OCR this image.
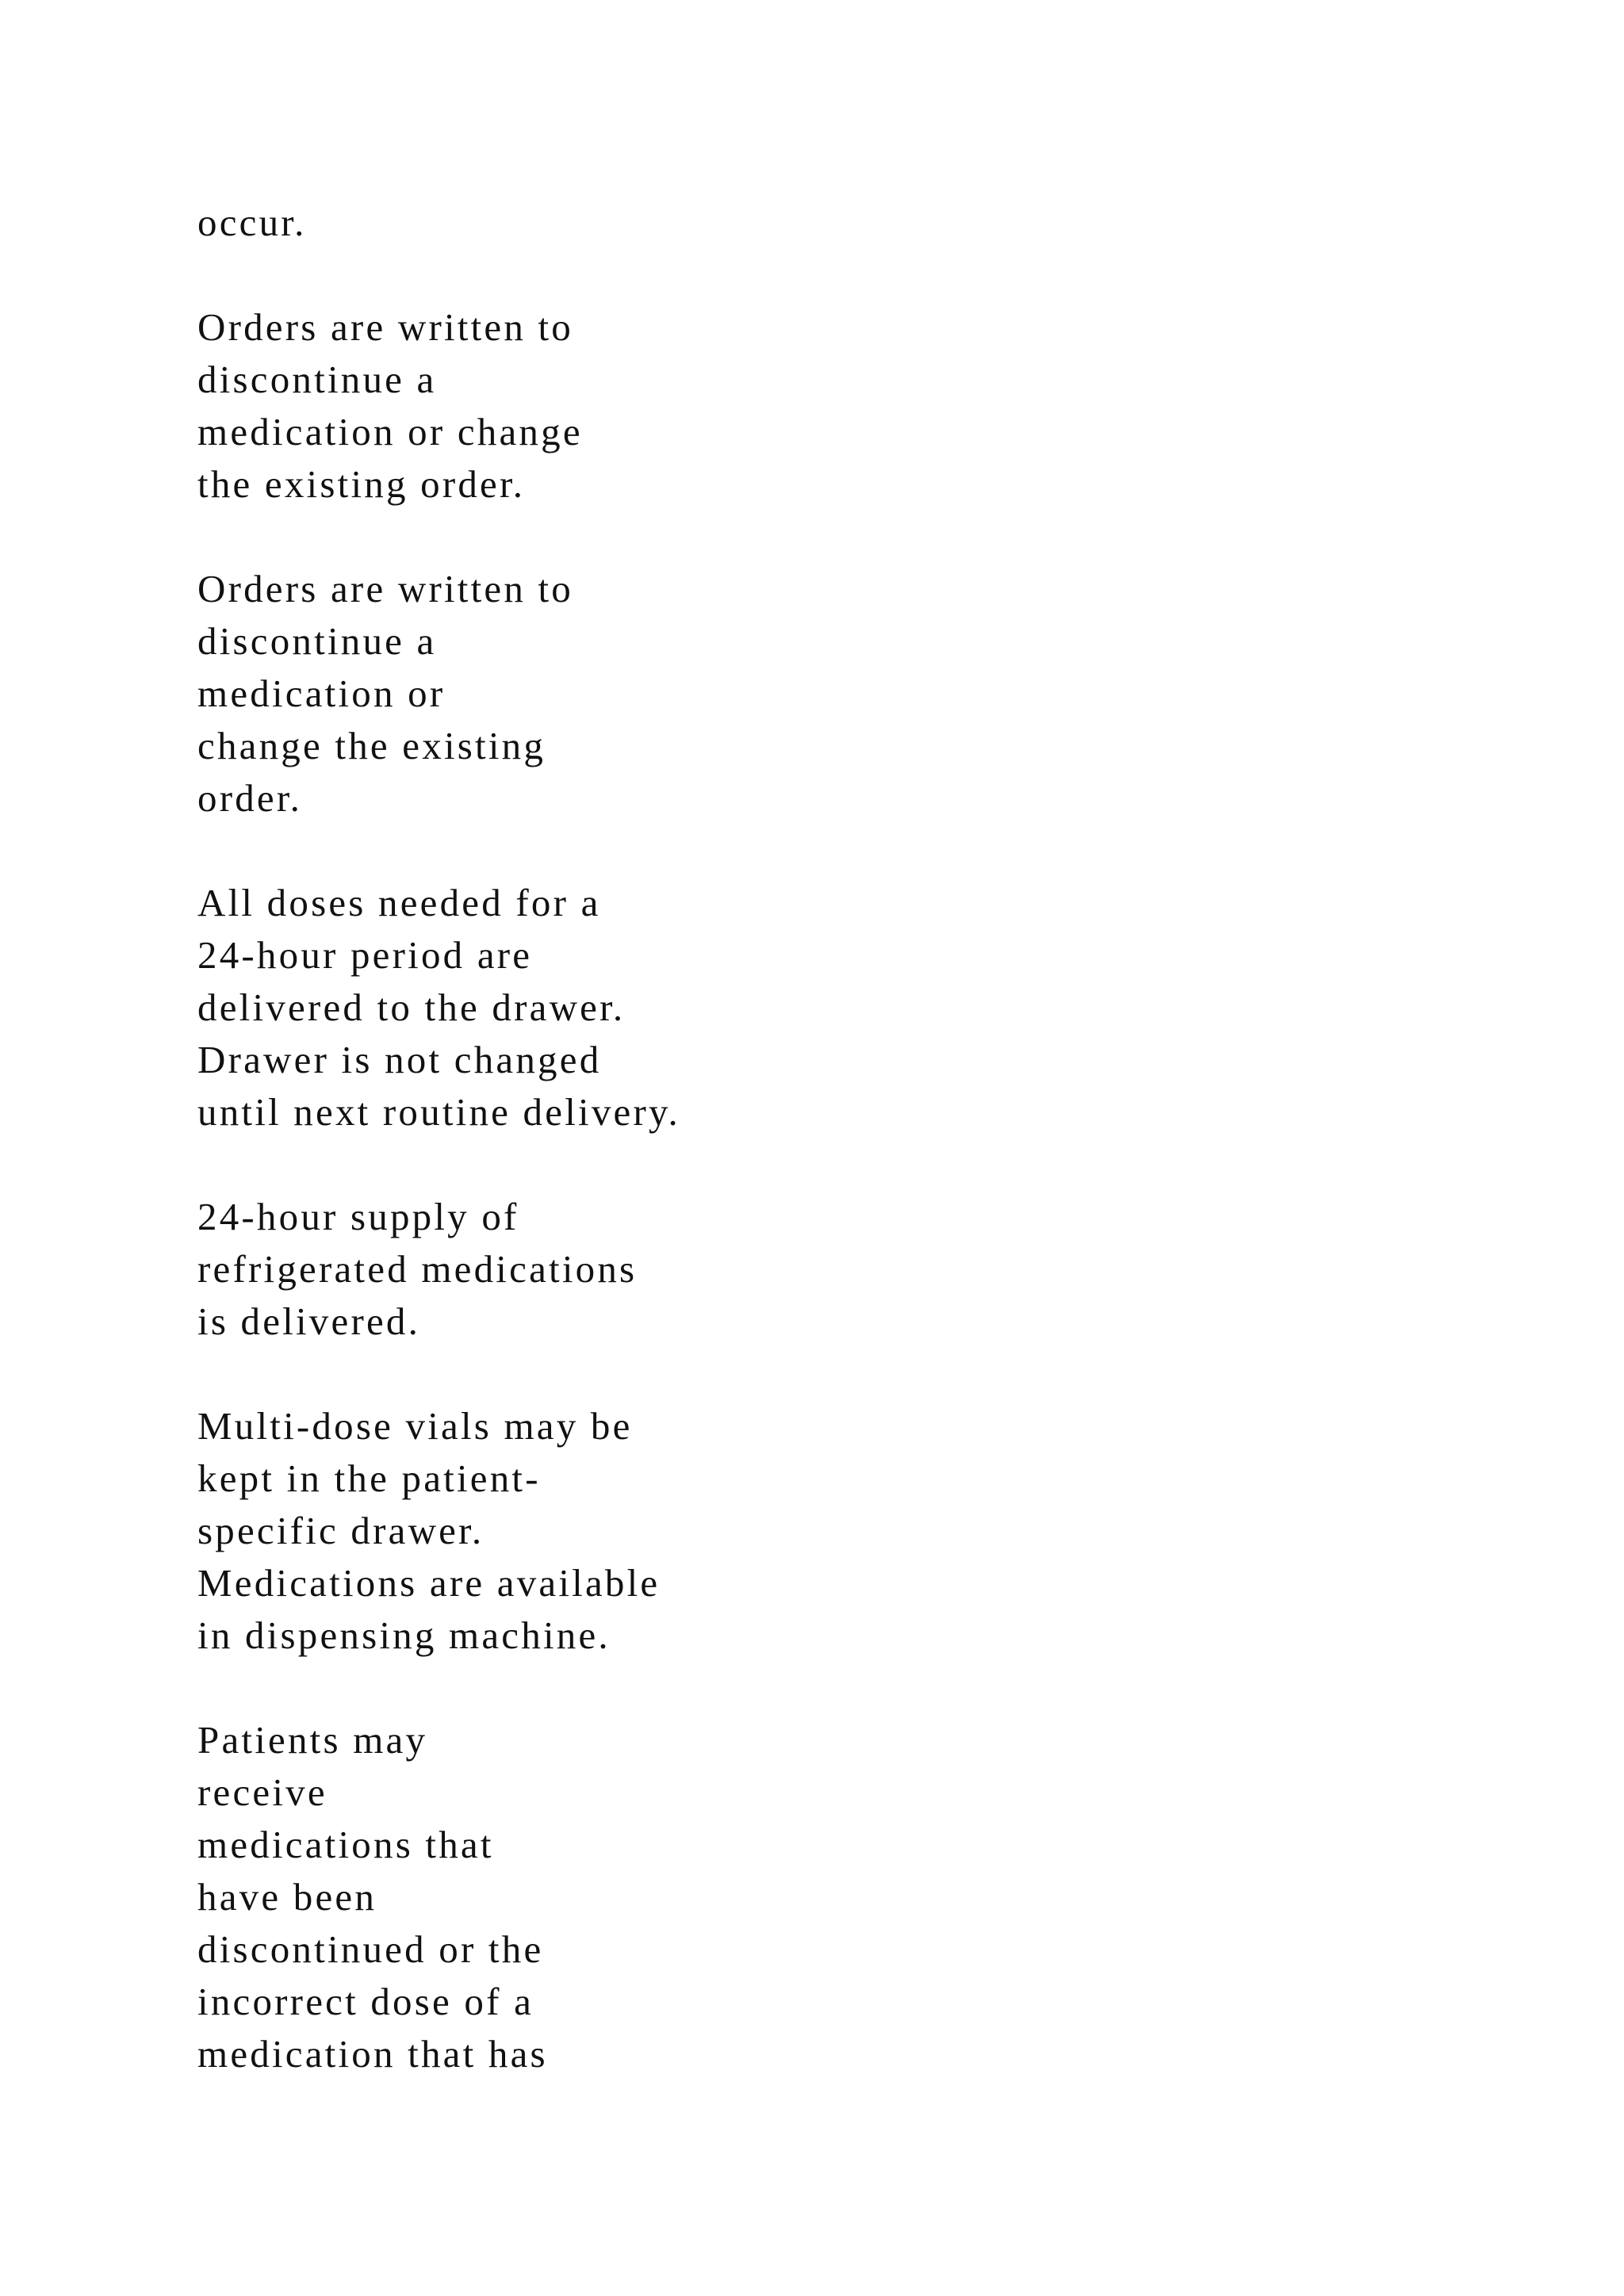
occur.
Orders are written to
discontinue a
medication or change
the existing order.
Orders are written to
discontinue a
medication or
change the existing
order.
All doses needed for a
24-hour period are
delivered to the drawer.
Drawer is not changed
until next routine delivery.
24-hour supply of
refrigerated medications
is delivered.
Multi-dose vials may be
kept in the patient-
specific drawer.
Medications are available
in dispensing machine.
Patients may
receive
medications that
have been
discontinued or the
incorrect dose of a
medication that has
